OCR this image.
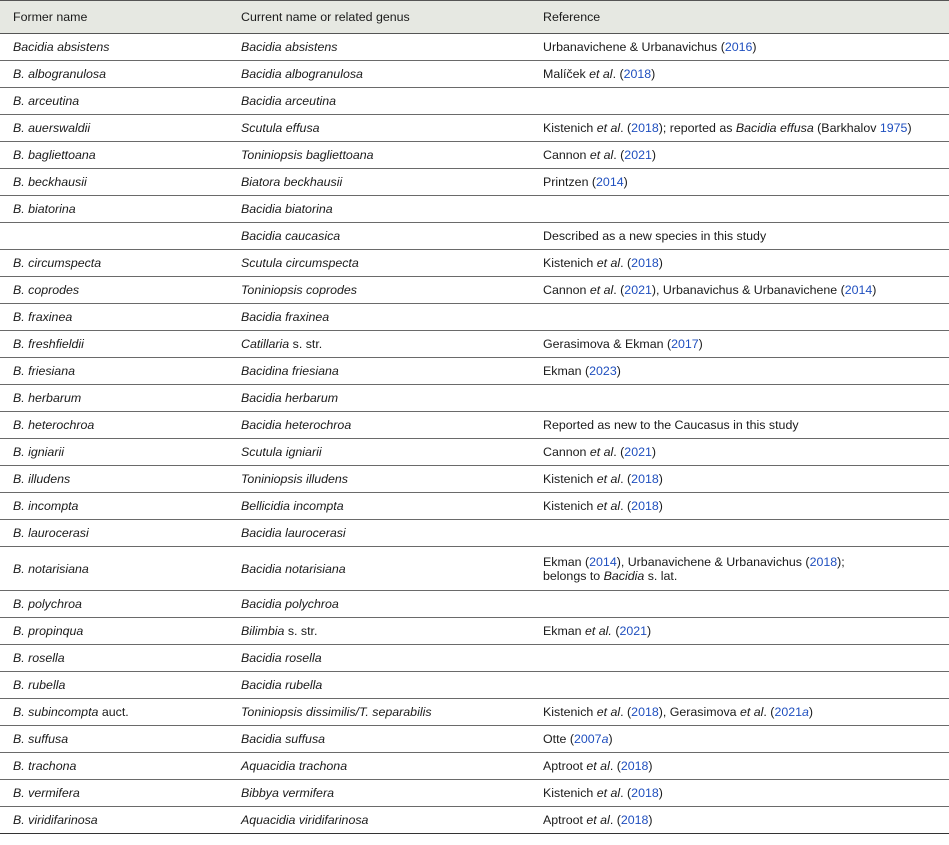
Former name	Current name or related genus	Reference
Bacidia absistens	Bacidia absistens	Urbanavichene & Urbanavichus (2016)
B. albogranulosa	Bacidia albogranulosa	Malíček et al. (2018)
B. arceutina	Bacidia arceutina	
B. auerswaldii	Scutula effusa	Kistenich et al. (2018); reported as Bacidia effusa (Barkhalov 1975)
B. bagliettoana	Toniniopsis bagliettoana	Cannon et al. (2021)
B. beckhausii	Biatora beckhausii	Printzen (2014)
B. biatorina	Bacidia biatorina	
	Bacidia caucasica	Described as a new species in this study
B. circumspecta	Scutula circumspecta	Kistenich et al. (2018)
B. coprodes	Toniniopsis coprodes	Cannon et al. (2021), Urbanavichus & Urbanavichene (2014)
B. fraxinea	Bacidia fraxinea	
B. freshfieldii	Catillaria s. str.	Gerasimova & Ekman (2017)
B. friesiana	Bacidina friesiana	Ekman (2023)
B. herbarum	Bacidia herbarum	
B. heterochroa	Bacidia heterochroa	Reported as new to the Caucasus in this study
B. igniarii	Scutula igniarii	Cannon et al. (2021)
B. illudens	Toniniopsis illudens	Kistenich et al. (2018)
B. incompta	Bellicidia incompta	Kistenich et al. (2018)
B. laurocerasi	Bacidia laurocerasi	
B. notarisiana	Bacidia notarisiana	Ekman (2014), Urbanavichene & Urbanavichus (2018);
belongs to Bacidia s. lat.
B. polychroa	Bacidia polychroa	
B. propinqua	Bilimbia s. str.	Ekman et al. (2021)
B. rosella	Bacidia rosella	
B. rubella	Bacidia rubella	
B. subincompta auct.	Toniniopsis dissimilis/T. separabilis	Kistenich et al. (2018), Gerasimova et al. (2021a)
B. suffusa	Bacidia suffusa	Otte (2007a)
B. trachona	Aquacidia trachona	Aptroot et al. (2018)
B. vermifera	Bibbya vermifera	Kistenich et al. (2018)
B. viridifarinosa	Aquacidia viridifarinosa	Aptroot et al. (2018)
